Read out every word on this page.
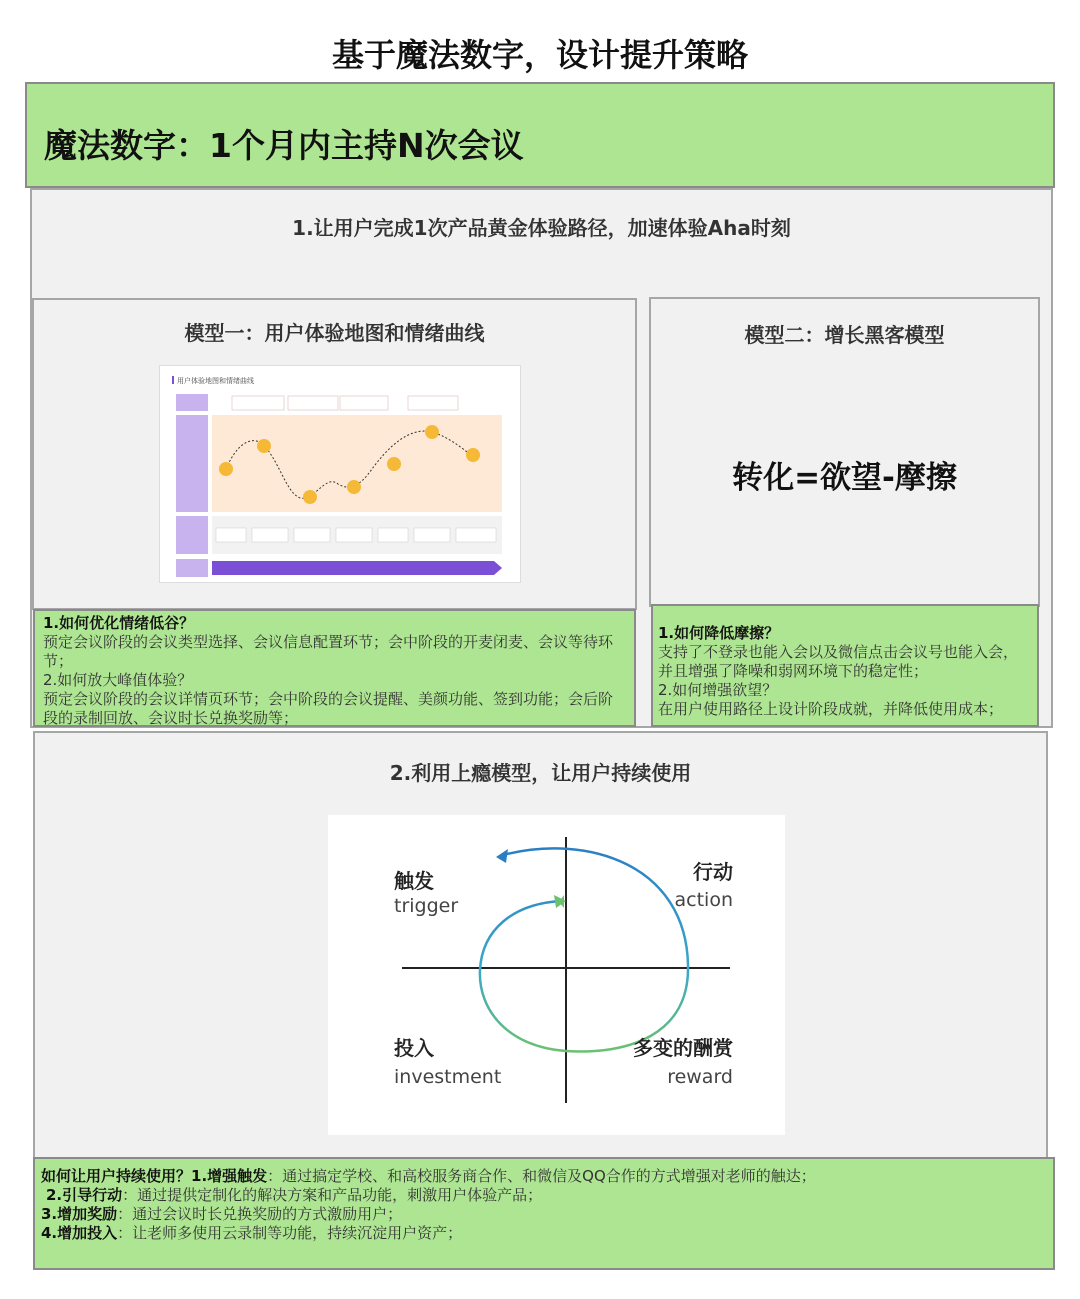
基于魔法数字，设计提升策略
魔法数字：1个月内主持N次会议
1.让用户完成1次产品黄金体验路径，加速体验Aha时刻
模型一：用户体验地图和情绪曲线
用户体验地图和情绪曲线
1.如何优化情绪低谷？
预定会议阶段的会议类型选择、会议信息配置环节；会中阶段的开麦闭麦、会议等待环节；
2.如何放大峰值体验？
预定会议阶段的会议详情页环节；会中阶段的会议提醒、美颜功能、签到功能；会后阶段的录制回放、会议时长兑换奖励等；
模型二：增长黑客模型
转化=欲望-摩擦
1.如何降低摩擦？
支持了不登录也能入会以及微信点击会议号也能入会，并且增强了降噪和弱网环境下的稳定性；
2.如何增强欲望？
在用户使用路径上设计阶段成就，并降低使用成本；
2.利用上瘾模型，让用户持续使用
触发
trigger
行动
action
投入
investment
多变的酬赏
reward
如何让用户持续使用？1.增强触发：通过搞定学校、和高校服务商合作、和微信及QQ合作的方式增强对老师的触达；
2.引导行动：通过提供定制化的解决方案和产品功能，刺激用户体验产品；
3.增加奖励：通过会议时长兑换奖励的方式激励用户；
4.增加投入：让老师多使用云录制等功能，持续沉淀用户资产；
